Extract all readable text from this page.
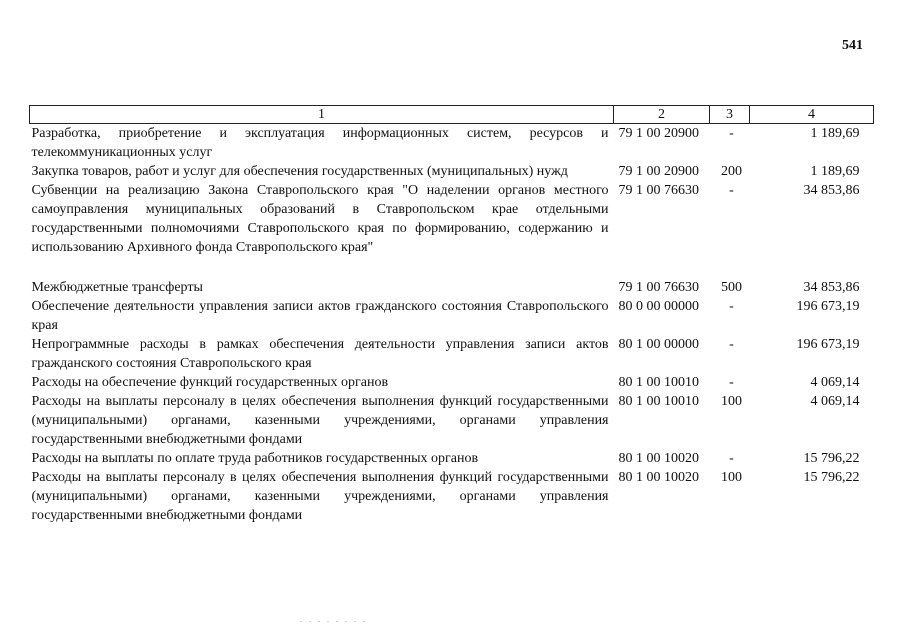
541
1	2	3	4
Разработка, приобретение и эксплуатация информационных систем, ресурсов и телекоммуникационных услуг	79 1 00 20900	-	1 189,69
Закупка товаров, работ и услуг для обеспечения государственных (муниципальных) нужд	79 1 00 20900	200	1 189,69
Субвенции на реализацию Закона Ставропольского края "О наделении органов местного самоуправления муниципальных образований в Ставропольском крае отдельными государственными полномочиями Ставропольского края по формированию, содержанию и использованию Архивного фонда Ставропольского края"	79 1 00 76630	-	34 853,86

Межбюджетные трансферты	79 1 00 76630	500	34 853,86
Обеспечение деятельности управления записи актов гражданского состояния Ставропольского края	80 0 00 00000	-	196 673,19
Непрограммные расходы в рамках обеспечения деятельности управления записи актов гражданского состояния Ставропольского края	80 1 00 00000	-	196 673,19
Расходы на обеспечение функций государственных органов	80 1 00 10010	-	4 069,14
Расходы на выплаты персоналу в целях обеспечения выполнения функций государственными (муниципальными) органами, казенными учреждениями, органами управления государственными внебюджетными фондами	80 1 00 10010	100	4 069,14
Расходы на выплаты по оплате труда работников государственных органов	80 1 00 10020	-	15 796,22
Расходы на выплаты персоналу в целях обеспечения выполнения функций государственными (муниципальными) органами, казенными учреждениями, органами управления государственными внебюджетными фондами	80 1 00 10020	100	15 796,22
